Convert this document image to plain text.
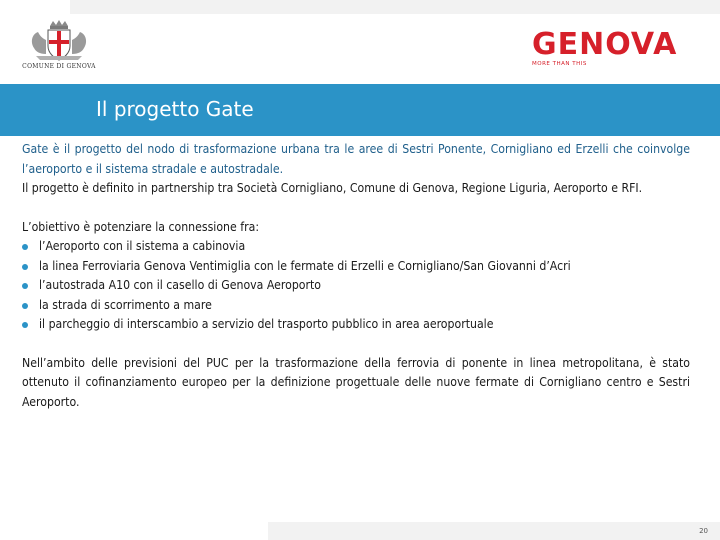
COMUNE DI GENOVA
GENOVA
MORE THAN THIS
Il progetto Gate

Gate è il progetto del nodo di trasformazione urbana tra le aree di Sestri Ponente, Cornigliano ed Erzelli che coinvolge l’aeroporto e il sistema stradale e autostradale.

Il progetto è definito in partnership tra Società Cornigliano, Comune di Genova, Regione Liguria, Aeroporto e RFI.

L’obiettivo è potenziare la connessione fra:

l’Aeroporto con il sistema a cabinovia
la linea Ferroviaria Genova Ventimiglia con le fermate di Erzelli e Cornigliano/San Giovanni d’Acri
l’autostrada A10 con il casello di Genova Aeroporto
la strada di scorrimento a mare
il parcheggio di interscambio a servizio del trasporto pubblico in area aeroportuale

Nell’ambito delle previsioni del PUC per la trasformazione della ferrovia di ponente in linea metropolitana, è stato ottenuto il cofinanziamento europeo per la definizione progettuale delle nuove fermate di Cornigliano centro e Sestri Aeroporto.

20
